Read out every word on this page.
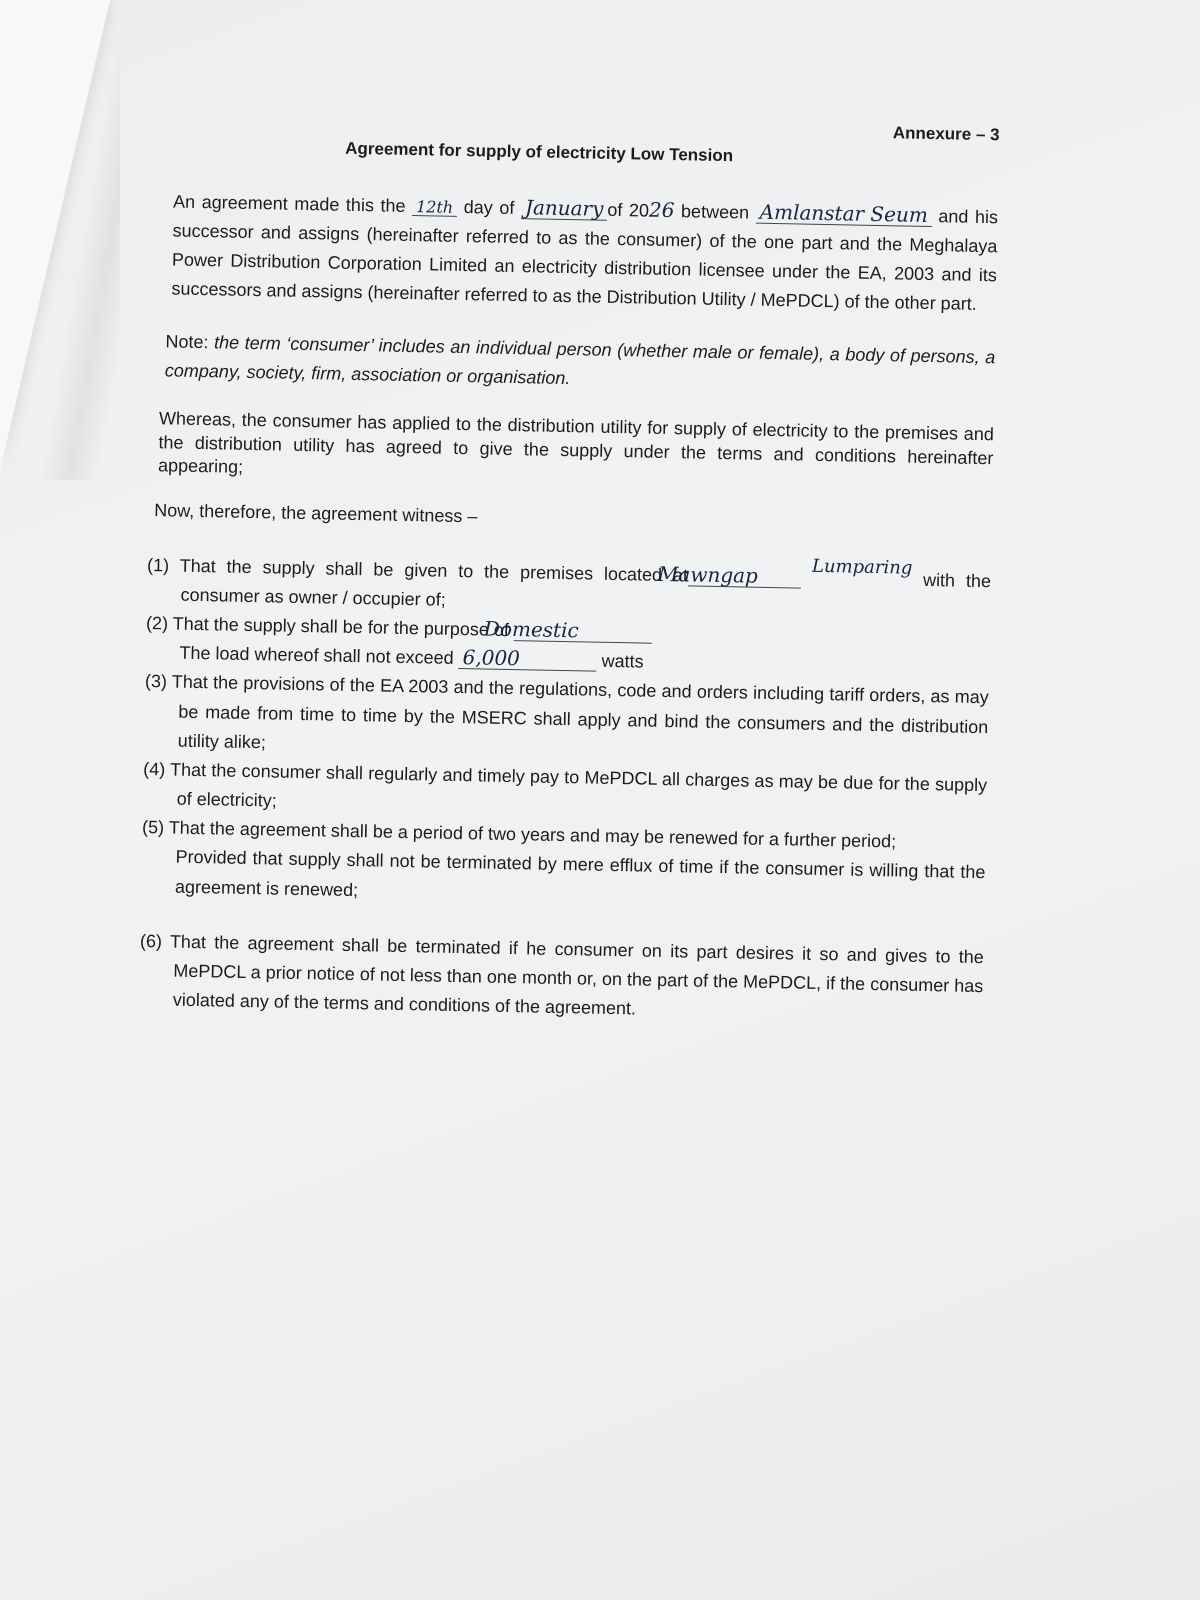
Annexure – 3
Agreement for supply of electricity Low Tension

An agreement made this the 12th day of January of 2026 between Amlanstar Seum and his successor and assigns (hereinafter referred to as the consumer) of the one part and the Meghalaya Power Distribution Corporation Limited an electricity distribution licensee under the EA, 2003 and its successors and assigns (hereinafter referred to as the Distribution Utility / MePDCL) of the other part.

Note: the term ‘consumer’ includes an individual person (whether male or female), a body of persons, a company, society, firm, association or organisation.

Whereas, the consumer has applied to the distribution utility for supply of electricity to the premises and the distribution utility has agreed to give the supply under the terms and conditions hereinafter appearing;

Now, therefore, the agreement witness –

(1) That the supply shall be given to the premises located atMawngap	Lumparing with the consumer as owner / occupier of;

(2) That the supply shall be for the purpose of Domestic

The load whereof shall not exceed 6,000	watts

(3) That the provisions of the EA 2003 and the regulations, code and orders including tariff orders, as may be made from time to time by the MSERC shall apply and bind the consumers and the distribution utility alike;

(4) That the consumer shall regularly and timely pay to MePDCL all charges as may be due for the supply of electricity;

(5) That the agreement shall be a period of two years and may be renewed for a further period;

Provided that supply shall not be terminated by mere efflux of time if the consumer is willing that the agreement is renewed;

(6) That the agreement shall be terminated if he consumer on its part desires it so and gives to the MePDCL a prior notice of not less than one month or, on the part of the MePDCL, if the consumer has violated any of the terms and conditions of the agreement.
